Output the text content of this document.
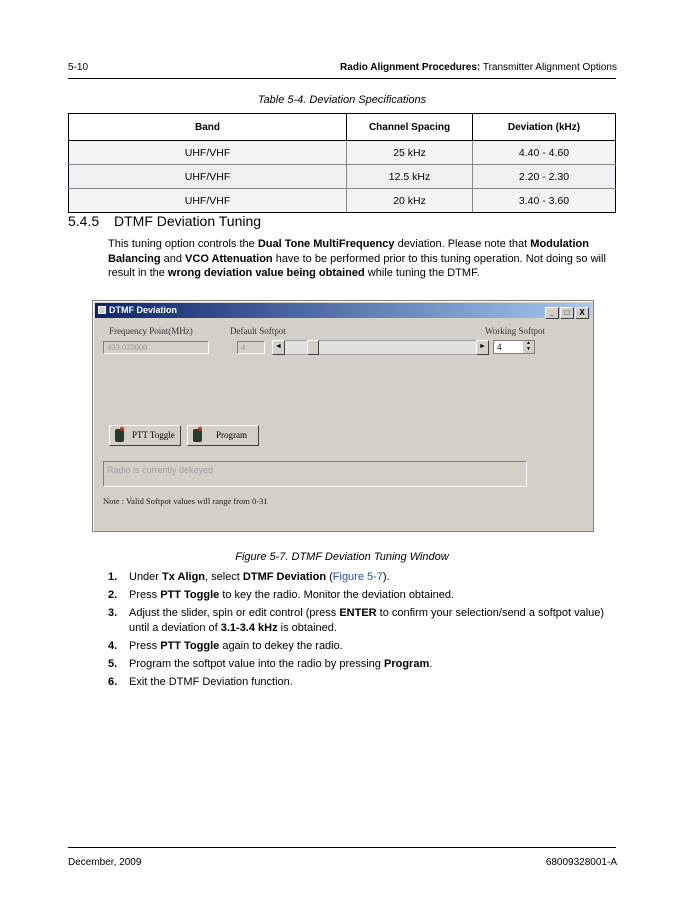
5-10	Radio Alignment Procedures: Transmitter Alignment Options
Table 5-4. Deviation Specifications
Band	Channel Spacing	Deviation (kHz)
UHF/VHF	25 kHz	4.40 - 4.60
UHF/VHF	12.5 kHz	2.20 - 2.30
UHF/VHF	20 kHz	3.40 - 3.60
5.4.5 DTMF Deviation Tuning
This tuning option controls the Dual Tone MultiFrequency deviation. Please note that Modulation Balancing and VCO Attenuation have to be performed prior to this tuning operation. Not doing so will result in the wrong deviation value being obtained while tuning the DTMF.
DTMF Deviation	_ □ X
Frequency Point(MHz)
403.025000
Default Softpot
4	◄	►
Working Softpot
4	▲
▼
PTT Toggle	Program
Radio is currently dekeyed
Note : Valid Softpot values will range from 0-31
Figure 5-7. DTMF Deviation Tuning Window
1. Under Tx Align, select DTMF Deviation (Figure 5-7).
2. Press PTT Toggle to key the radio. Monitor the deviation obtained.
3. Adjust the slider, spin or edit control (press ENTER to confirm your selection/send a softpot value) until a deviation of 3.1-3.4 kHz is obtained.
4. Press PTT Toggle again to dekey the radio.
5. Program the softpot value into the radio by pressing Program.
6. Exit the DTMF Deviation function.
December, 2009	68009328001-A
